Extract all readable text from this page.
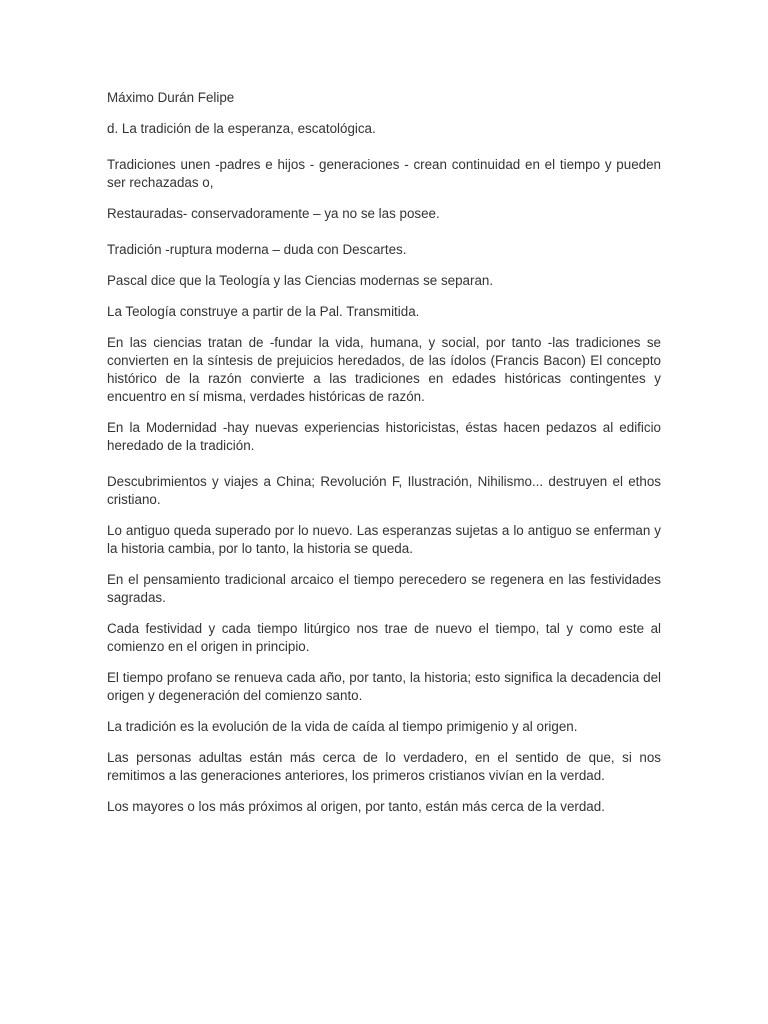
Máximo Durán Felipe

d. La tradición de la esperanza, escatológica.

Tradiciones unen -padres e hijos - generaciones - crean continuidad en el tiempo y pueden ser rechazadas o,

Restauradas- conservadoramente – ya no se las posee.

Tradición -ruptura moderna – duda con Descartes.

Pascal dice que la Teología y las Ciencias modernas se separan.

La Teología construye a partir de la Pal. Transmitida.

En las ciencias tratan de -fundar la vida, humana, y social, por tanto -las tradiciones se convierten en la síntesis de prejuicios heredados, de las ídolos (Francis Bacon) El concepto histórico de la razón convierte a las tradiciones en edades históricas contingentes y encuentro en sí misma, verdades históricas de razón.

En la Modernidad -hay nuevas experiencias historicistas, éstas hacen pedazos al edificio heredado de la tradición.

Descubrimientos y viajes a China; Revolución F, Ilustración, Nihilismo... destruyen el ethos cristiano.

Lo antiguo queda superado por lo nuevo. Las esperanzas sujetas a lo antiguo se enferman y la historia cambia, por lo tanto, la historia se queda.

En el pensamiento tradicional arcaico el tiempo perecedero se regenera en las festividades sagradas.

Cada festividad y cada tiempo litúrgico nos trae de nuevo el tiempo, tal y como este al comienzo en el origen in principio.

El tiempo profano se renueva cada año, por tanto, la historia; esto significa la decadencia del origen y degeneración del comienzo santo.

La tradición es la evolución de la vida de caída al tiempo primigenio y al origen.

Las personas adultas están más cerca de lo verdadero, en el sentido de que, si nos remitimos a las generaciones anteriores, los primeros cristianos vivían en la verdad.

Los mayores o los más próximos al origen, por tanto, están más cerca de la verdad.
